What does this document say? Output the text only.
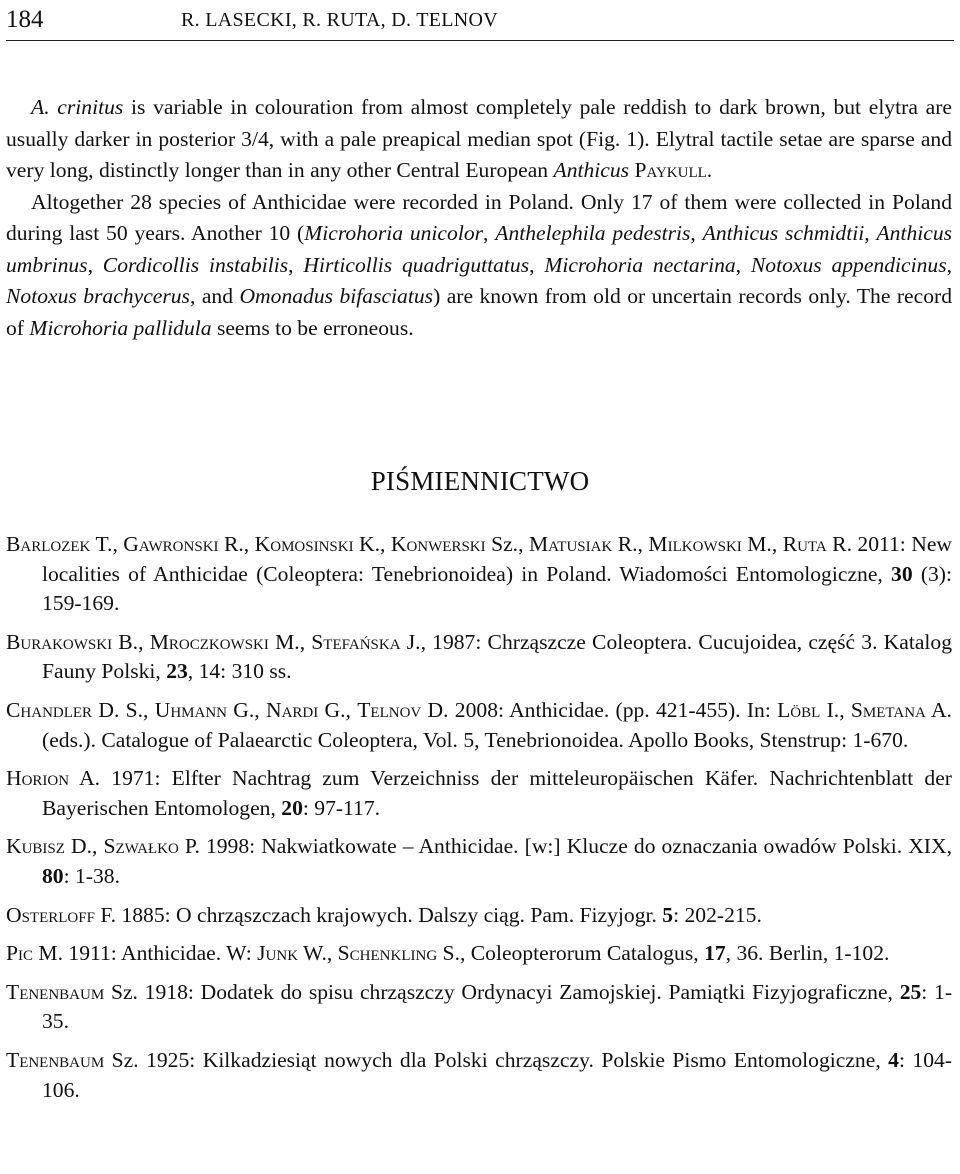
184	R. LASECKI, R. RUTA, D. TELNOV

A. crinitus is variable in colouration from almost completely pale reddish to dark brown, but elytra are usually darker in posterior 3/4, with a pale preapical median spot (Fig. 1). Elytral tactile setae are sparse and very long, distinctly longer than in any other Central European Anthicus Paykull.

Altogether 28 species of Anthicidae were recorded in Poland. Only 17 of them were collected in Poland during last 50 years. Another 10 (Microhoria unicolor, Anthelephila pedestris, Anthicus schmidtii, Anthicus umbrinus, Cordicollis instabilis, Hirticollis quadriguttatus, Microhoria nectarina, Notoxus appendicinus, Notoxus brachycerus, and Omonadus bifasciatus) are known from old or uncertain records only. The record of Microhoria pallidula seems to be erroneous.

PIŚMIENNICTWO

Barlozek T., Gawronski R., Komosinski K., Konwerski Sz., Matusiak R., Milkowski M., Ruta R. 2011: New localities of Anthicidae (Coleoptera: Tenebrionoidea) in Poland. Wiadomości Entomologiczne, 30 (3): 159-169.

Burakowski B., Mroczkowski M., Stefańska J., 1987: Chrząszcze Coleoptera. Cucujoidea, część 3. Katalog Fauny Polski, 23, 14: 310 ss.

Chandler D. S., Uhmann G., Nardi G., Telnov D. 2008: Anthicidae. (pp. 421-455). In: Löbl I., Smetana A. (eds.). Catalogue of Palaearctic Coleoptera, Vol. 5, Tenebrionoidea. Apollo Books, Stenstrup: 1-670.

Horion A. 1971: Elfter Nachtrag zum Verzeichniss der mitteleuropäischen Käfer. Nachrichtenblatt der Bayerischen Entomologen, 20: 97-117.

Kubisz D., Szwałko P. 1998: Nakwiatkowate – Anthicidae. [w:] Klucze do oznaczania owadów Polski. XIX, 80: 1-38.

Osterloff F. 1885: O chrząszczach krajowych. Dalszy ciąg. Pam. Fizyjogr. 5: 202-215.

Pic M. 1911: Anthicidae. W: Junk W., Schenkling S., Coleopterorum Catalogus, 17, 36. Berlin, 1-102.

Tenenbaum Sz. 1918: Dodatek do spisu chrząszczy Ordynacyi Zamojskiej. Pamiątki Fizyjograficzne, 25: 1-35.

Tenenbaum Sz. 1925: Kilkadziesiąt nowych dla Polski chrząszczy. Polskie Pismo Entomologiczne, 4: 104-106.
